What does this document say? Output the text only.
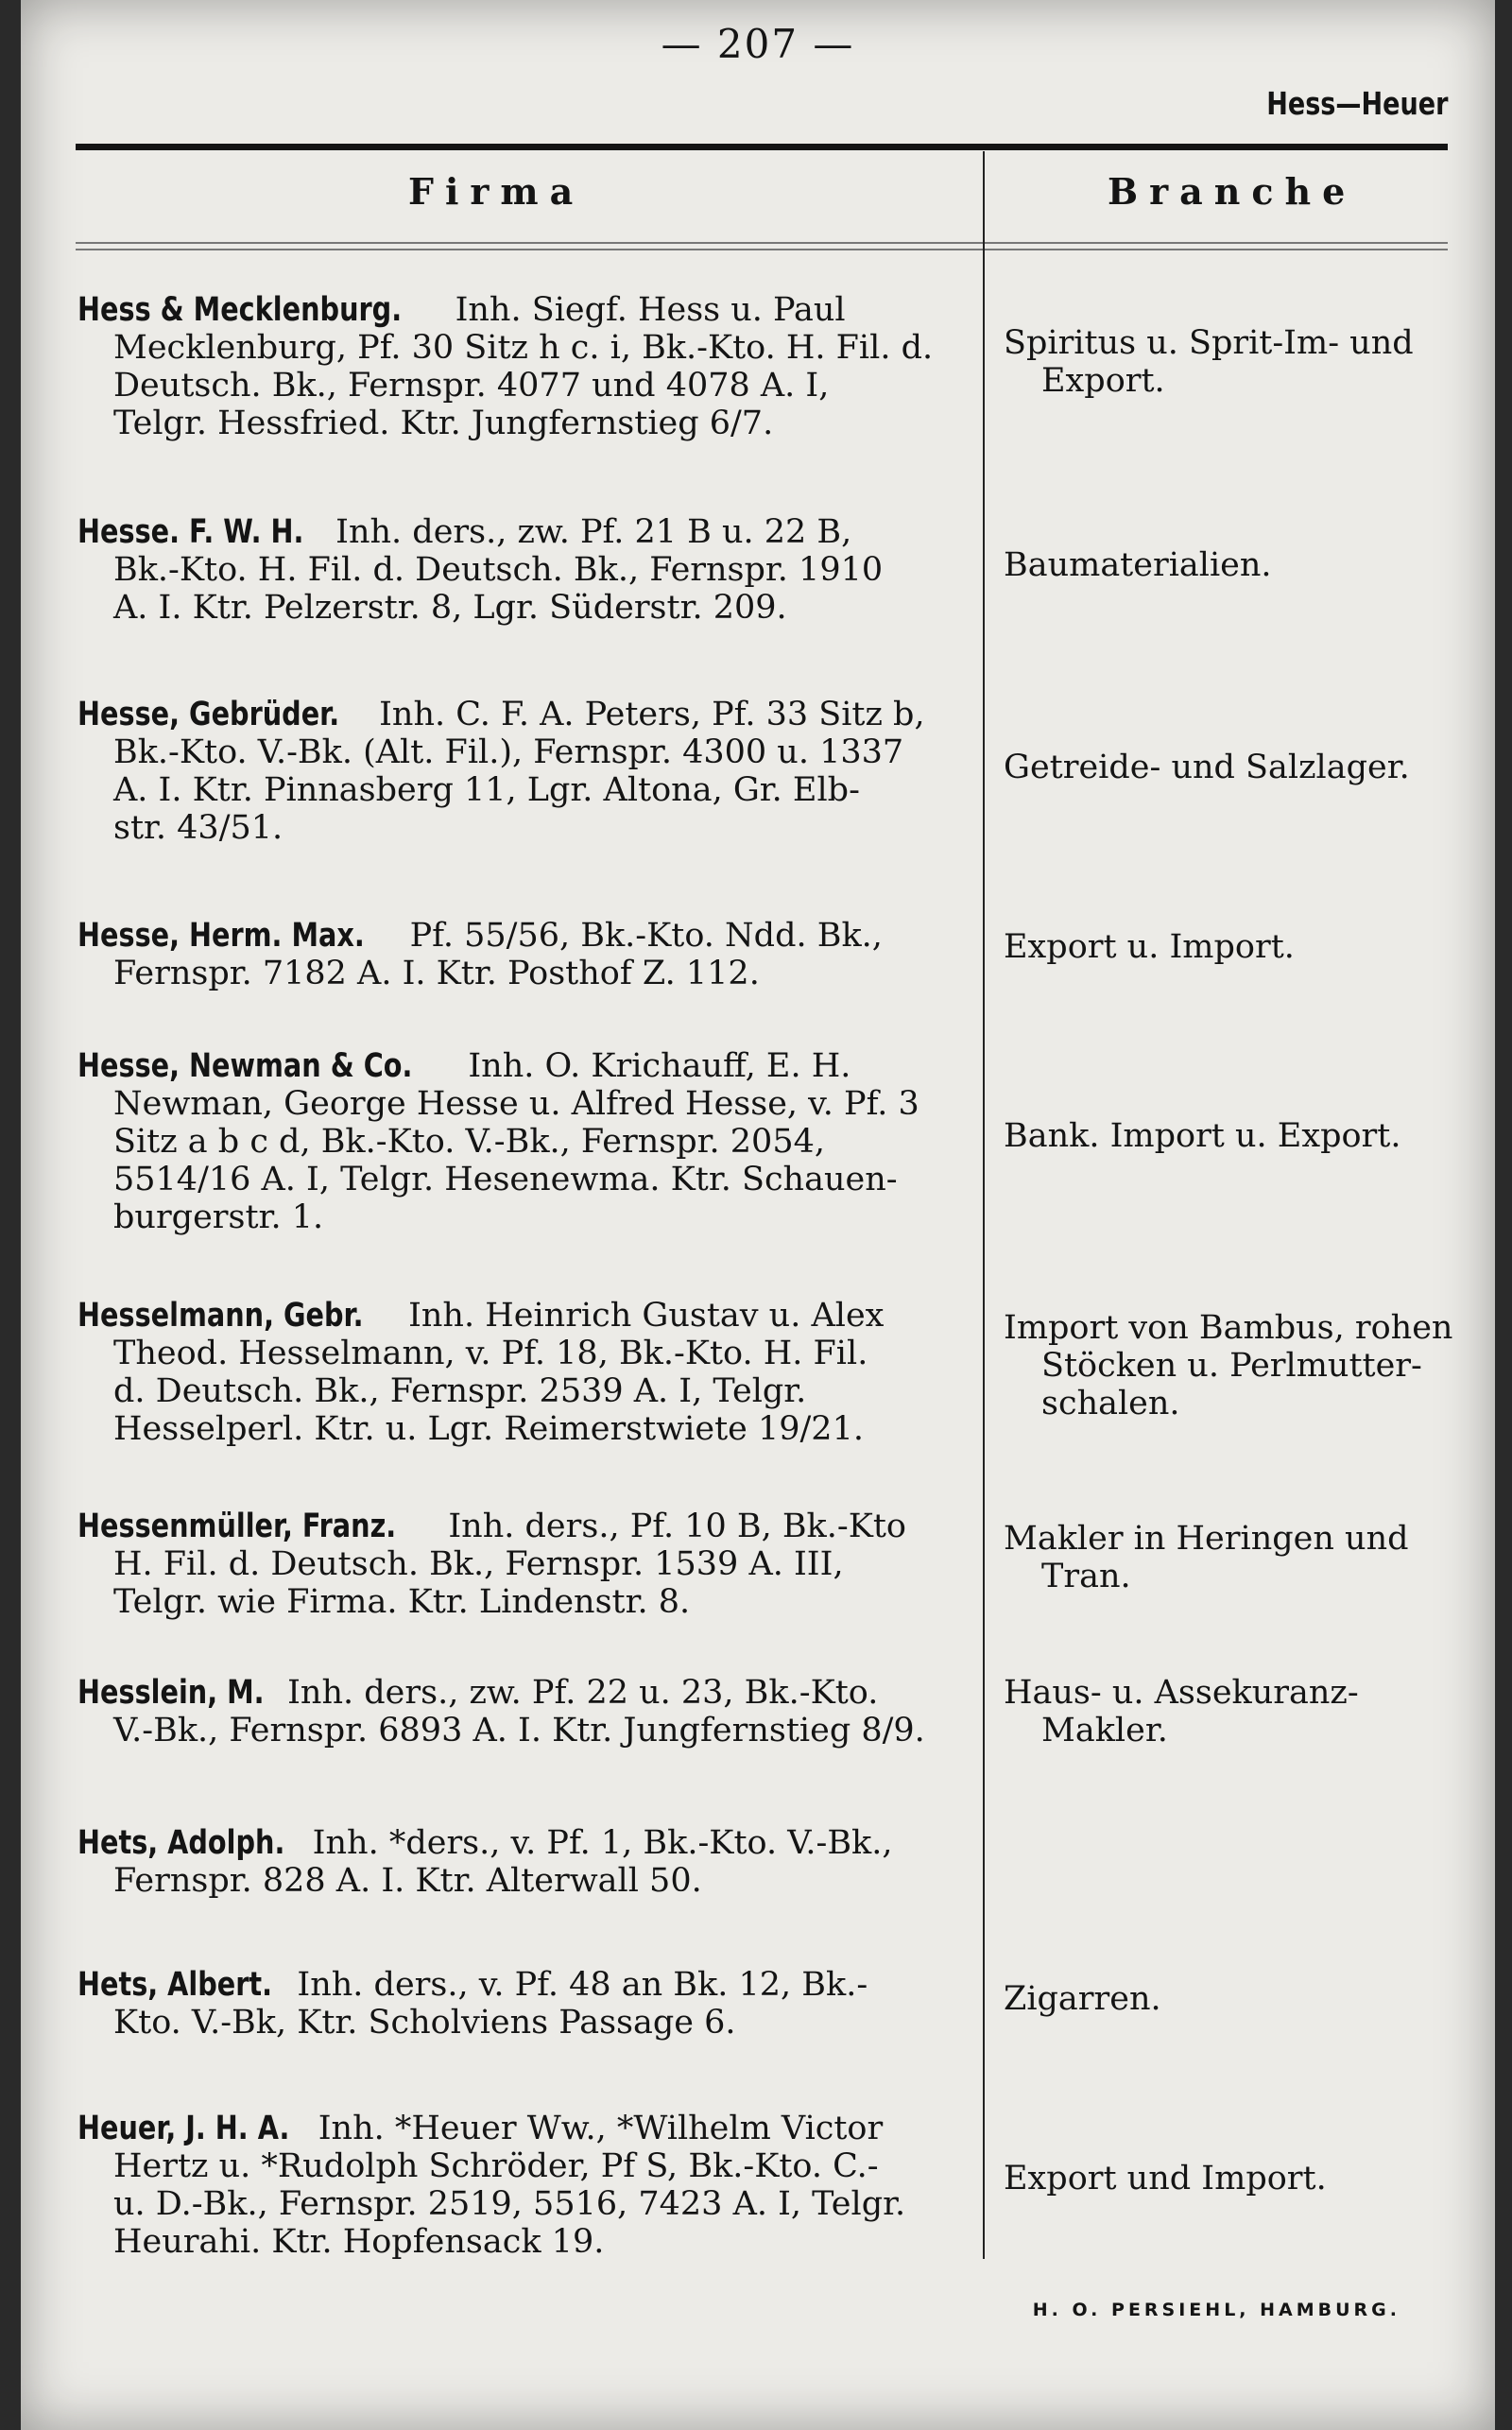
— 207 —
Hess—Heuer
Firma	Branche
Hess & Mecklenburg. Inh. Siegf. Hess u. Paul
Mecklenburg, Pf. 30 Sitz h c. i, Bk.-Kto. H. Fil. d.
Deutsch. Bk., Fernspr. 4077 und 4078 A. I,
Telgr. Hessfried. Ktr. Jungfernstieg 6/7.
Spiritus u. Sprit-Im- und
Export.
Hesse. F. W. H. Inh. ders., zw. Pf. 21 B u. 22 B,
Bk.-Kto. H. Fil. d. Deutsch. Bk., Fernspr. 1910
A. I. Ktr. Pelzerstr. 8, Lgr. Süderstr. 209.
Baumaterialien.
Hesse, Gebrüder. Inh. C. F. A. Peters, Pf. 33 Sitz b,
Bk.-Kto. V.-Bk. (Alt. Fil.), Fernspr. 4300 u. 1337
A. I. Ktr. Pinnasberg 11, Lgr. Altona, Gr. Elb-
str. 43/51.
Getreide- und Salzlager.
Hesse, Herm. Max. Pf. 55/56, Bk.-Kto. Ndd. Bk.,
Fernspr. 7182 A. I. Ktr. Posthof Z. 112.
Export u. Import.
Hesse, Newman & Co. Inh. O. Krichauff, E. H.
Newman, George Hesse u. Alfred Hesse, v. Pf. 3
Sitz a b c d, Bk.-Kto. V.-Bk., Fernspr. 2054,
5514/16 A. I, Telgr. Hesenewma. Ktr. Schauen-
burgerstr. 1.
Bank. Import u. Export.
Hesselmann, Gebr. Inh. Heinrich Gustav u. Alex
Theod. Hesselmann, v. Pf. 18, Bk.-Kto. H. Fil.
d. Deutsch. Bk., Fernspr. 2539 A. I, Telgr.
Hesselperl. Ktr. u. Lgr. Reimerstwiete 19/21.
Import von Bambus, rohen
Stöcken u. Perlmutter-
schalen.
Hessenmüller, Franz. Inh. ders., Pf. 10 B, Bk.-Kto
H. Fil. d. Deutsch. Bk., Fernspr. 1539 A. III,
Telgr. wie Firma. Ktr. Lindenstr. 8.
Makler in Heringen und
Tran.
Hesslein, M. Inh. ders., zw. Pf. 22 u. 23, Bk.-Kto.
V.-Bk., Fernspr. 6893 A. I. Ktr. Jungfernstieg 8/9.
Haus- u. Assekuranz-
Makler.
Hets, Adolph. Inh. *ders., v. Pf. 1, Bk.-Kto. V.-Bk.,
Fernspr. 828 A. I. Ktr. Alterwall 50.
Hets, Albert. Inh. ders., v. Pf. 48 an Bk. 12, Bk.-
Kto. V.-Bk, Ktr. Scholviens Passage 6.
Zigarren.
Heuer, J. H. A. Inh. *Heuer Ww., *Wilhelm Victor
Hertz u. *Rudolph Schröder, Pf S, Bk.-Kto. C.-
u. D.-Bk., Fernspr. 2519, 5516, 7423 A. I, Telgr.
Heurahi. Ktr. Hopfensack 19.
Export und Import.
H. O. PERSIEHL, HAMBURG.
